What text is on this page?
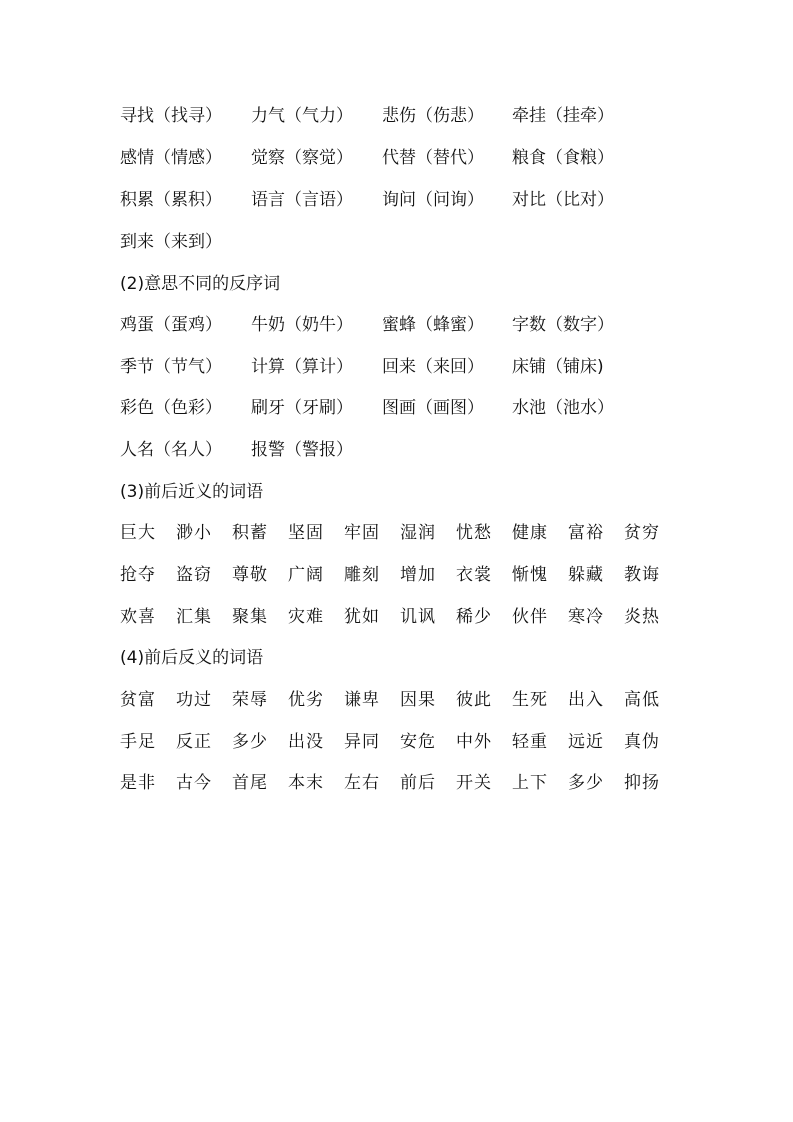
寻找（找寻） 力气（气力） 悲伤（伤悲） 牵挂（挂牵）
感情（情感） 觉察（察觉） 代替（替代） 粮食（食粮）
积累（累积） 语言（言语） 询问（问询） 对比（比对）
到来（来到）
(2)意思不同的反序词
鸡蛋（蛋鸡） 牛奶（奶牛） 蜜蜂（蜂蜜） 字数（数字）
季节（节气） 计算（算计） 回来（来回） 床铺（铺床)
彩色（色彩） 刷牙（牙刷） 图画（画图） 水池（池水）
人名（名人） 报警（警报）
(3)前后近义的词语
巨大 渺小 积蓄 坚固 牢固 湿润 忧愁 健康 富裕 贫穷
抢夺 盗窃 尊敬 广阔 雕刻 增加 衣裳 惭愧 躲藏 教诲
欢喜 汇集 聚集 灾难 犹如 讥讽 稀少 伙伴 寒冷 炎热
(4)前后反义的词语
贫富 功过 荣辱 优劣 谦卑 因果 彼此 生死 出入 高低
手足 反正 多少 出没 异同 安危 中外 轻重 远近 真伪
是非 古今 首尾 本末 左右 前后 开关 上下 多少 抑扬
